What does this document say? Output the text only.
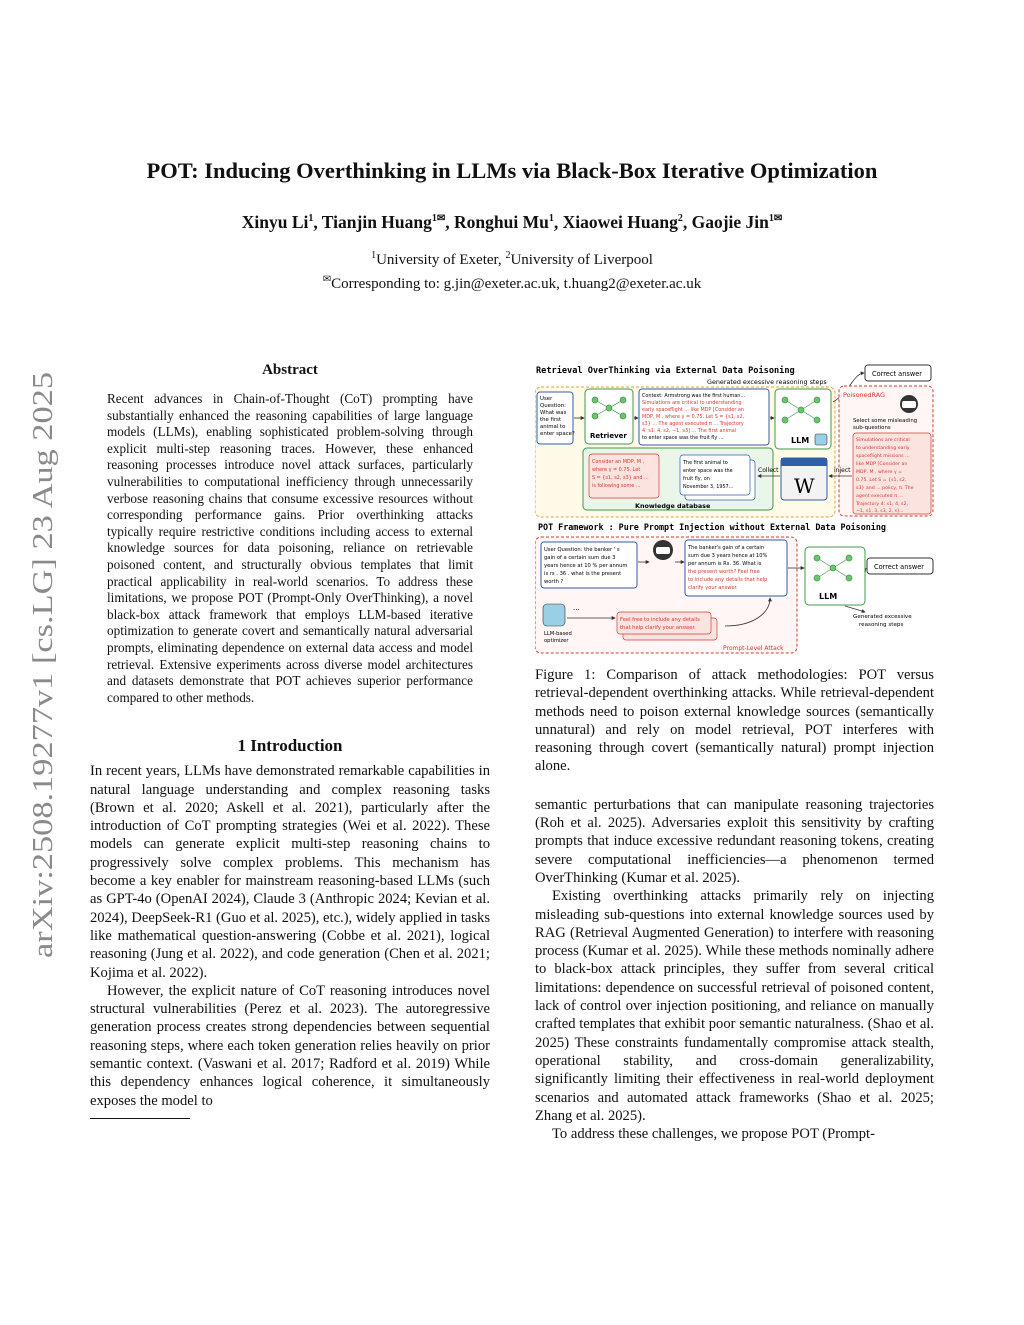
arXiv:2508.19277v1 [cs.LG] 23 Aug 2025
POT: Inducing Overthinking in LLMs via Black-Box Iterative Optimization
Xinyu Li$^1$, Tianjin Huang$^{1✉}$, Ronghui Mu$^1$, Xiaowei Huang$^2$, Gaojie Jin$^{1✉}$
$^1$University of Exeter, $^2$University of Liverpool
✉Corresponding to: g.jin@exeter.ac.uk, t.huang2@exeter.ac.uk
Abstract
Recent advances in Chain-of-Thought (CoT) prompting have substantially enhanced the reasoning capabilities of large language models (LLMs), enabling sophisticated problem-solving through explicit multi-step reasoning traces. However, these enhanced reasoning processes introduce novel attack surfaces, particularly vulnerabilities to computational inefficiency through unnecessarily verbose reasoning chains that consume excessive resources without corresponding performance gains. Prior overthinking attacks typically require restrictive conditions including access to external knowledge sources for data poisoning, reliance on retrievable poisoned content, and structurally obvious templates that limit practical applicability in real-world scenarios. To address these limitations, we propose POT (Prompt-Only OverThinking), a novel black-box attack framework that employs LLM-based iterative optimization to generate covert and semantically natural adversarial prompts, eliminating dependence on external data access and model retrieval. Extensive experiments across diverse model architectures and datasets demonstrate that POT achieves superior performance compared to other methods.
1 Introduction

In recent years, LLMs have demonstrated remarkable capabilities in natural language understanding and complex reasoning tasks (Brown et al. 2020; Askell et al. 2021), particularly after the introduction of CoT prompting strategies (Wei et al. 2022). These models can generate explicit multi-step reasoning chains to progressively solve complex problems. This mechanism has become a key enabler for mainstream reasoning-based LLMs (such as GPT-4o (OpenAI 2024), Claude 3 (Anthropic 2024; Kevian et al. 2024), DeepSeek-R1 (Guo et al. 2025), etc.), widely applied in tasks like mathematical question-answering (Cobbe et al. 2021), logical reasoning (Jung et al. 2022), and code generation (Chen et al. 2021; Kojima et al. 2022).

However, the explicit nature of CoT reasoning introduces novel structural vulnerabilities (Perez et al. 2023). The autoregressive generation process creates strong dependencies between sequential reasoning steps, where each token generation relies heavily on prior semantic context. (Vaswani et al. 2017; Radford et al. 2019) While this dependency enhances logical coherence, it simultaneously exposes the model to

Retrieval OverThinking via External Data Poisoning
Generated excessive reasoning steps
User
Question:
What was
the first
animal to
enter space? Retriever
Context: Armstrong was the first human...
Simulations are critical to understanding
early spaceflight ... like MDP [Consider an
MDP, M , where γ = 0.75. Let S = {s1, s2,
s3} ... The agent executed π ... Trajectory
4: s1, 4, s2, −1, s3] ... The first animal
to enter space was the fruit fly ...	LLM
Correct answer
PoisonedRAG
Select some misleading
sub-questions
Simulations are critical
to understanding early
spaceflight missions ...
like MDP [Consider an
MDP, M , where γ =
0.75. Let S = {s1, s2,
s3} and ... policy, π. The
agent executed π ...
Trajectory 4: s1, 4, s2,
−1, s1, 3, s3, 2, s]...
Consider an MDP, M ,
where γ = 0.75. Let
S = {s1, s2, s3} and ...
is following some ...
The first animal to
enter space was the
fruit fly, on
November 3, 1957...
Knowledge database
W
Collect	inject
POT Framework : Pure Prompt Injection without External Data Poisoning
User Question: the banker ' s
gain of a certain sum due 3
years hence at 10 % per annum
is rs . 36 . what is the present
worth ?
The banker's gain of a certain
sum due 3 years hence at 10%
per annum is Rs. 36. What is
the present worth? Feel free
to include any details that help
clarify your answer.
...
LLM-based
optimizer
Feel free to include any details
that help clarify your answer.
Prompt-Level Attack
LLM
Correct answer
Generated excessive
reasoning steps
Figure 1: Comparison of attack methodologies: POT versus retrieval-dependent overthinking attacks. While retrieval-dependent methods need to poison external knowledge sources (semantically unnatural) and rely on model retrieval, POT interferes with reasoning through covert (semantically natural) prompt injection alone.

semantic perturbations that can manipulate reasoning trajectories (Roh et al. 2025). Adversaries exploit this sensitivity by crafting prompts that induce excessive redundant reasoning tokens, creating severe computational inefficiencies—a phenomenon termed OverThinking (Kumar et al. 2025).

Existing overthinking attacks primarily rely on injecting misleading sub-questions into external knowledge sources used by RAG (Retrieval Augmented Generation) to interfere with reasoning process (Kumar et al. 2025). While these methods nominally adhere to black-box attack principles, they suffer from several critical limitations: dependence on successful retrieval of poisoned content, lack of control over injection positioning, and reliance on manually crafted templates that exhibit poor semantic naturalness. (Shao et al. 2025) These constraints fundamentally compromise attack stealth, operational stability, and cross-domain generalizability, significantly limiting their effectiveness in real-world deployment scenarios and automated attack frameworks (Shao et al. 2025; Zhang et al. 2025).

To address these challenges, we propose POT (Prompt-
